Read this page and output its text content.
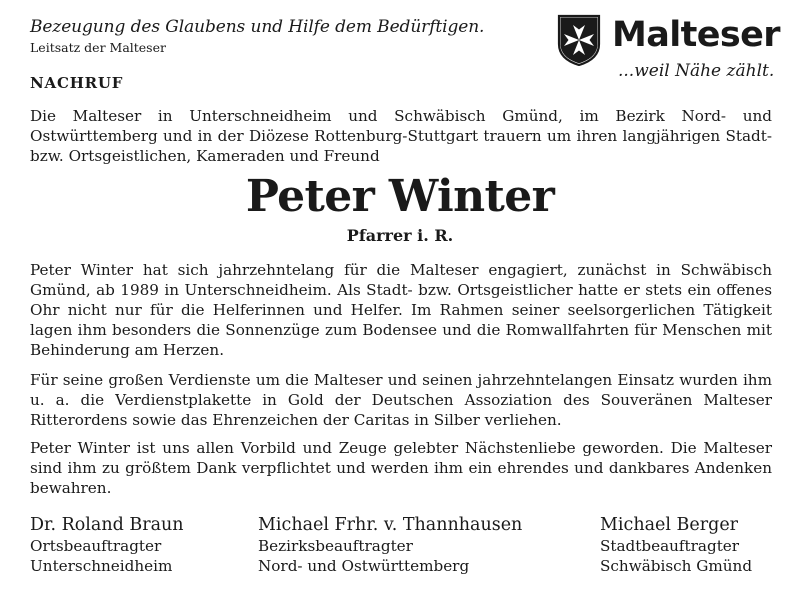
Bezeugung des Glaubens und Hilfe dem Bedürftigen.
Leitsatz der Malteser	Malteser
...weil Nähe zählt.
NACHRUF
Die Malteser in Unterschneidheim und Schwäbisch Gmünd, im Bezirk Nord- und Ostwürttemberg und in der Diözese Rottenburg-Stuttgart trauern um ihren langjährigen Stadt- bzw. Ortsgeistlichen, Kameraden und Freund
Peter Winter
Pfarrer i. R.
Peter Winter hat sich jahrzehntelang für die Malteser engagiert, zunächst in Schwäbisch Gmünd, ab 1989 in Unterschneidheim. Als Stadt- bzw. Ortsgeistlicher hatte er stets ein offenes Ohr nicht nur für die Helferinnen und Helfer. Im Rahmen seiner seelsorgerlichen Tätigkeit lagen ihm besonders die Sonnenzüge zum Bodensee und die Romwallfahrten für Menschen mit Behinderung am Herzen.
Für seine großen Verdienste um die Malteser und seinen jahrzehntelangen Einsatz wurden ihm u. a. die Verdienstplakette in Gold der Deutschen Assoziation des Souveränen Malteser Ritterordens sowie das Ehrenzeichen der Caritas in Silber verliehen.
Peter Winter ist uns allen Vorbild und Zeuge gelebter Nächstenliebe geworden. Die Malteser sind ihm zu größtem Dank verpflichtet und werden ihm ein ehrendes und dankbares Andenken bewahren.
Dr. Roland Braun
Ortsbeauftragter
Unterschneidheim
Michael Frhr. v. Thannhausen
Bezirksbeauftragter
Nord- und Ostwürttemberg
Michael Berger
Stadtbeauftragter
Schwäbisch Gmünd
